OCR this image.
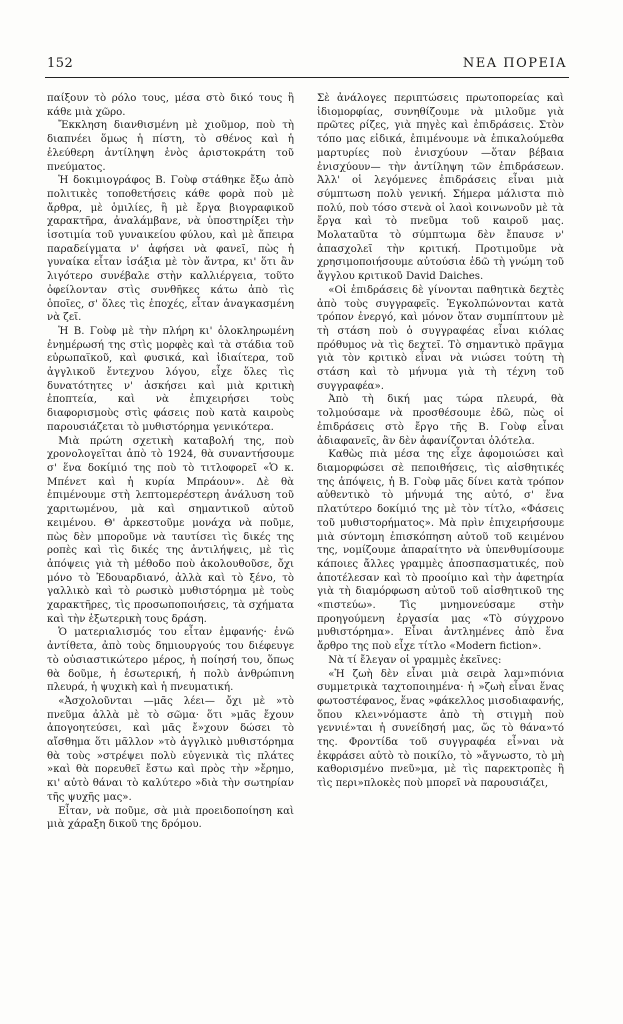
152	ΝΕΑ ΠΟΡΕΙΑ

παίξουν τὸ ρόλο τους, μέσα στὸ δικό τους ἢ κάθε μιὰ χῶρο.

Ἔκκληση διανθισμένη μὲ χιοῦμορ, ποὺ τὴ διαπνέει ὅμως ἡ πίστη, τὸ σθένος καὶ ἡ ἐλεύθερη ἀντίληψη ἑνὸς ἀριστοκράτη τοῦ πνεύματος.

Ἡ δοκιμιογράφος Β. Γοὺφ στάθηκε ἔξω ἀπὸ πολιτικὲς τοποθετήσεις κάθε φορὰ ποὺ μὲ ἄρθρα, μὲ ὁμιλίες, ἢ μὲ ἔργα βιογραφικοῦ χαρακτῆρα, ἀναλάμβανε, νὰ ὑποστηρίξει τὴν ἰσοτιμία τοῦ γυναικείου φύλου, καὶ μὲ ἄπειρα παραδείγματα ν' ἀφήσει νὰ φανεῖ, πὼς ἡ γυναίκα εἶταν ἰσάξια μὲ τὸν ἄντρα, κι' ὅτι ἂν λιγότερο συνέβαλε στὴν καλλιέργεια, τοῦτο ὀφείλονταν στὶς συνθῆκες κάτω ἀπὸ τὶς ὁποῖες, σ' ὅλες τὶς ἐποχές, εἶταν ἀναγκασμένη νὰ ζεῖ.

Ἡ Β. Γοὺφ μὲ τὴν πλήρη κι' ὁλοκληρωμένη ἐνημέρωσή της στὶς μορφὲς καὶ τὰ στάδια τοῦ εὐρωπαϊκοῦ, καὶ φυσικά, καὶ ἰδιαίτερα, τοῦ ἀγγλικοῦ ἔντεχνου λόγου, εἶχε ὅλες τὶς δυνατότητες ν' ἀσκήσει καὶ μιὰ κριτικὴ ἐποπτεία, καὶ νὰ ἐπιχειρήσει τοὺς διαφορισμοὺς στὶς φάσεις ποὺ κατὰ καιροὺς παρουσιάζεται τὸ μυθιστόρημα γενικότερα.

Μιὰ πρώτη σχετικὴ καταβολή της, ποὺ χρονολογεῖται ἀπὸ τὸ 1924, θὰ συναντήσουμε σ' ἕνα δοκίμιό της ποὺ τὸ τιτλοφορεῖ «Ὁ κ. Μπένετ καὶ ἡ κυρία Μπράουν». Δὲ θὰ ἐπιμένουμε στὴ λεπτομερέστερη ἀνάλυση τοῦ χαριτωμένου, μὰ καὶ σημαντικοῦ αὐτοῦ κειμένου. Θ' ἀρκεστοῦμε μονάχα νὰ ποῦμε, πὼς δὲν μποροῦμε νὰ ταυτίσει τὶς δικές της ροπὲς καὶ τὶς δικές της ἀντιλήψεις, μὲ τὶς ἀπόψεις γιὰ τὴ μέθοδο ποὺ ἀκολουθοῦσε, ὄχι μόνο τὸ Ἐδουαρδιανό, ἀλλὰ καὶ τὸ ξένο, τὸ γαλλικὸ καὶ τὸ ρωσικὸ μυθιστόρημα μὲ τοὺς χαρακτῆρες, τὶς προσωποποιήσεις, τὰ σχήματα καὶ τὴν ἐξωτερικὴ τους δράση.

Ὁ ματεριαλισμός του εἶταν ἐμφανής· ἐνῶ ἀντίθετα, ἀπὸ τοὺς δημιουργούς του διέφευγε τὸ οὐσιαστικώτερο μέρος, ἡ ποίησή του, ὅπως θὰ δοῦμε, ἡ ἐσωτερική, ἡ πολὺ ἀνθρώπινη πλευρά, ἡ ψυχικὴ καὶ ἡ πνευματική.

«Ἀσχολοῦνται —μᾶς λέει— ὄχι μὲ »τὸ πνεῦμα ἀλλὰ μὲ τὸ σῶμα· ὅτι »μᾶς ἔχουν ἀπογοητεύσει, καὶ μᾶς ἔ»χουν δώσει τὸ αἴσθημα ὅτι μᾶλλον »τὸ ἀγγλικὸ μυθιστόρημα θὰ τοὺς »στρέψει πολὺ εὐγενικὰ τὶς πλάτες »καὶ θὰ πορευθεῖ ἔστω καὶ πρὸς τὴν »ἔρημο, κι' αὐτὸ θάναι τὸ καλύτερο »διὰ τὴν σωτηρίαν τῆς ψυχῆς μας».

Εἶταν, νὰ ποῦμε, σὰ μιὰ προειδοποίηση καὶ μιὰ χάραξη δικοῦ της δρόμου.

Σὲ ἀνάλογες περιπτώσεις πρωτοπορείας καὶ ἰδιομορφίας, συνηθίζουμε νὰ μιλοῦμε γιὰ πρῶτες ρίζες, γιὰ πηγὲς καὶ ἐπιδράσεις. Στὸν τόπο μας εἰδικά, ἐπιμένουμε νὰ ἐπικαλούμεθα μαρτυρίες ποὺ ἐνισχύουν —ὅταν βέβαια ἐνισχύουν— τὴν ἀντίληψη τῶν ἐπιδράσεων. Ἀλλ' οἱ λεγόμενες ἐπιδράσεις εἶναι μιὰ σύμπτωση πολὺ γενική. Σήμερα μάλιστα πιὸ πολύ, ποὺ τόσο στενὰ οἱ λαοὶ κοινωνοῦν μὲ τὰ ἔργα καὶ τὸ πνεῦμα τοῦ καιροῦ μας. Μολαταῦτα τὸ σύμπτωμα δὲν ἔπαυσε ν' ἀπασχολεῖ τὴν κριτική. Προτιμοῦμε νὰ χρησιμοποιήσουμε αὐτούσια ἐδῶ τὴ γνώμη τοῦ ἄγγλου κριτικοῦ David Daiches.

«Οἱ ἐπιδράσεις δὲ γίνονται παθητικὰ δεχτὲς ἀπὸ τοὺς συγγραφεῖς. Ἐγκολπώνονται κατὰ τρόπον ἐνεργό, καὶ μόνον ὅταν συμπίπτουν μὲ τὴ στάση ποὺ ὁ συγγραφέας εἶναι κιόλας πρόθυμος νὰ τὶς δεχτεῖ. Τὸ σημαντικὸ πρᾶγμα γιὰ τὸν κριτικὸ εἶναι νὰ νιώσει τούτη τὴ στάση καὶ τὸ μήνυμα γιὰ τὴ τέχνη τοῦ συγγραφέα».

Ἀπὸ τὴ δική μας τώρα πλευρά, θὰ τολμούσαμε νὰ προσθέσουμε ἐδῶ, πὼς οἱ ἐπιδράσεις στὸ ἔργο τῆς Β. Γοὺφ εἶναι ἀδιαφανεῖς, ἂν δὲν ἀφανίζονται ὁλότελα.

Καθὼς πιὰ μέσα της εἶχε ἀφομοιώσει καὶ διαμορφώσει σὲ πεποιθήσεις, τὶς αἰσθητικές της ἀπόψεις, ἡ Β. Γοὺφ μᾶς δίνει κατὰ τρόπον αὐθεντικὸ τὸ μήνυμά της αὐτό, σ' ἕνα πλατύτερο δοκίμιό της μὲ τὸν τίτλο, «Φάσεις τοῦ μυθιστορήματος». Μὰ πρὶν ἐπιχειρήσουμε μιὰ σύντομη ἐπισκόπηση αὐτοῦ τοῦ κειμένου της, νομίζουμε ἀπαραίτητο νὰ ὑπενθυμίσουμε κάποιες ἄλλες γραμμὲς ἀποσπασματικές, ποὺ ἀποτέλεσαν καὶ τὸ προοίμιο καὶ τὴν ἀφετηρία γιὰ τὴ διαμόρφωση αὐτοῦ τοῦ αἰσθητικοῦ της «πιστεύω». Τὶς μνημονεύσαμε στὴν προηγούμενη ἐργασία μας «Τὸ σύγχρονο μυθιστόρημα». Εἶναι ἀντλημένες ἀπὸ ἕνα ἄρθρο της ποὺ εἶχε τίτλο «Modern fiction».

Νὰ τί ἔλεγαν οἱ γραμμὲς ἐκεῖνες:

«Ἡ ζωὴ δὲν εἶναι μιὰ σειρὰ λαμ»πιόνια συμμετρικὰ ταχτοποιημένα· ἡ »ζωὴ εἶναι ἕνας φωτοστέφανος, ἕνας »φάκελλος μισοδιαφανής, ὅπου κλει»νόμαστε ἀπὸ τὴ στιγμὴ ποὺ γεννιέ»ται ἡ συνείδησή μας, ὥς τὸ θάνα»τό της. Φροντίδα τοῦ συγγραφέα εἶ»ναι νὰ ἐκφράσει αὐτὸ τὸ ποικίλο, τὸ »ἄγνωστο, τὸ μὴ καθορισμένο πνεῦ»μα, μὲ τὶς παρεκτροπὲς ἢ τὶς περι»πλοκὲς ποὺ μπορεῖ νὰ παρουσιάζει,
